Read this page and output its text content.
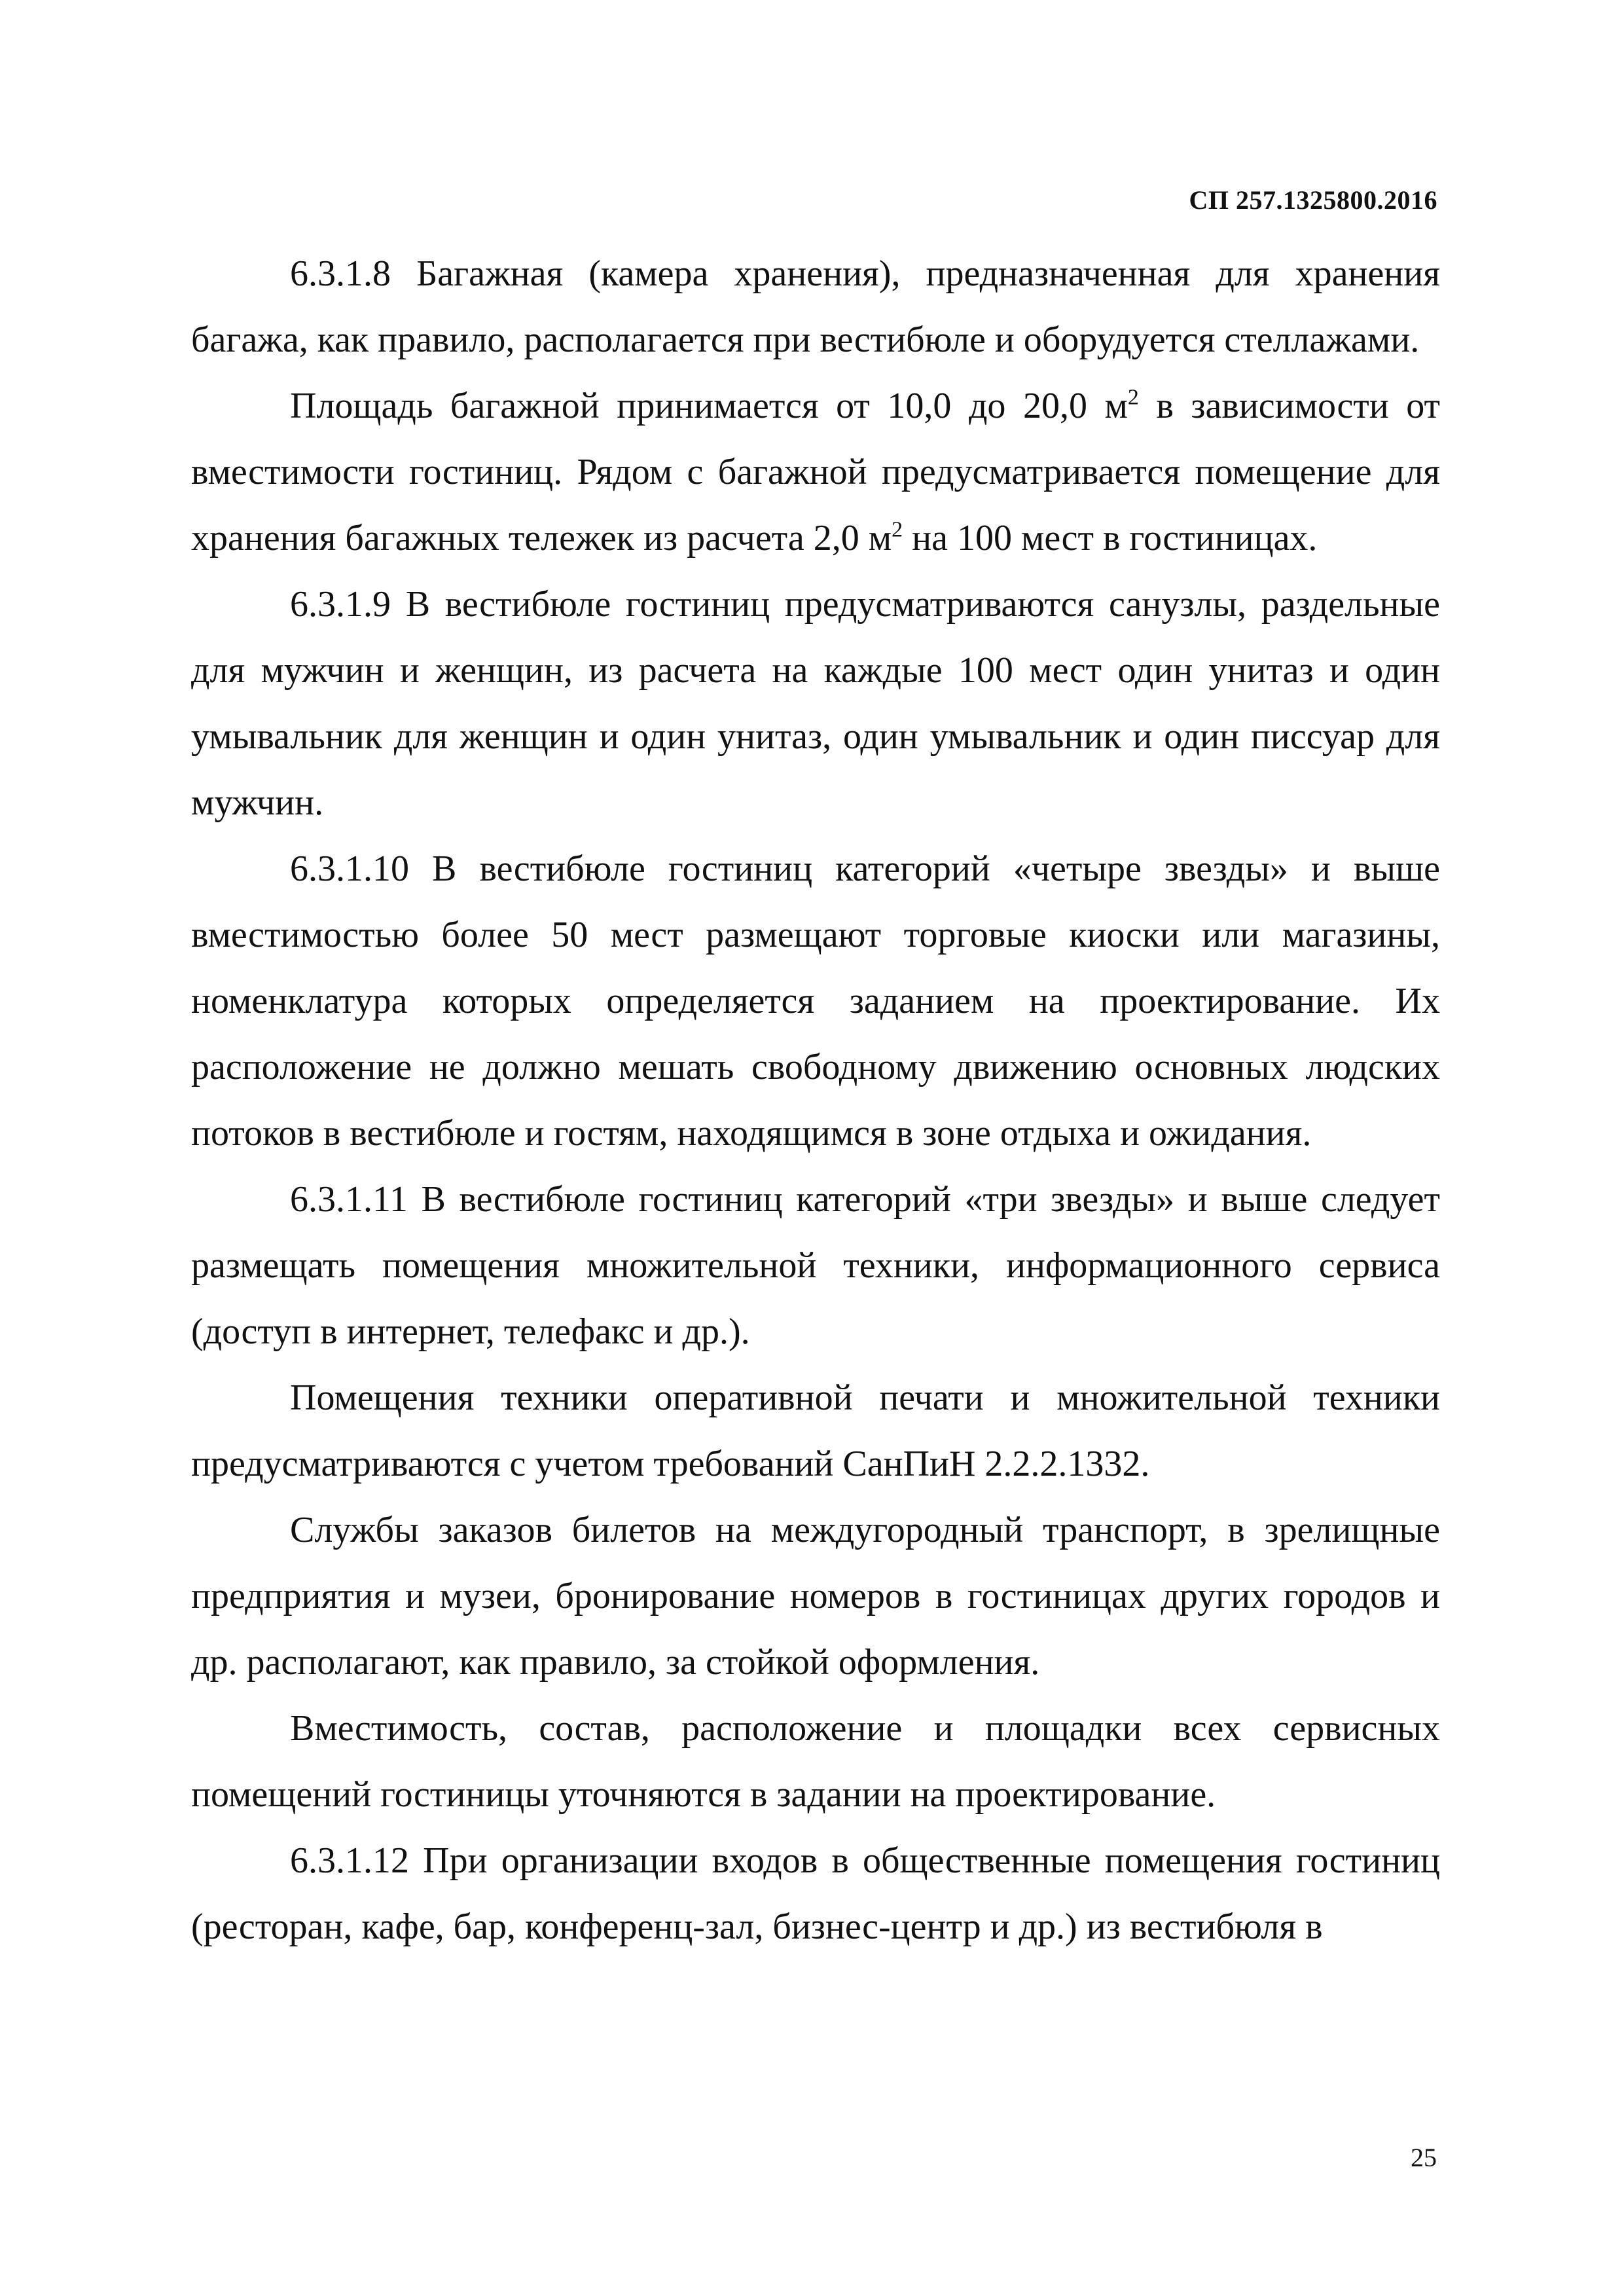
СП 257.1325800.2016

6.3.1.8 Багажная (камера хранения), предназначенная для хранения багажа, как правило, располагается при вестибюле и оборудуется стеллажами.

Площадь багажной принимается от 10,0 до 20,0 $м^2$ в зависимости от вместимости гостиниц. Рядом с багажной предусматривается помещение для хранения багажных тележек из расчета 2,0 $м^2$ на 100 мест в гостиницах.

6.3.1.9 В вестибюле гостиниц предусматриваются санузлы, раздельные для мужчин и женщин, из расчета на каждые 100 мест один унитаз и один умывальник для женщин и один унитаз, один умывальник и один писсуар для мужчин.

6.3.1.10 В вестибюле гостиниц категорий «четыре звезды» и выше вместимостью более 50 мест размещают торговые киоски или магазины, номенклатура которых определяется заданием на проектирование. Их расположение не должно мешать свободному движению основных людских потоков в вестибюле и гостям, находящимся в зоне отдыха и ожидания.

6.3.1.11 В вестибюле гостиниц категорий «три звезды» и выше следует размещать помещения множительной техники, информационного сервиса (доступ в интернет, телефакс и др.).

Помещения техники оперативной печати и множительной техники предусматриваются с учетом требований СанПиН 2.2.2.1332.

Службы заказов билетов на междугородный транспорт, в зрелищные предприятия и музеи, бронирование номеров в гостиницах других городов и др. располагают, как правило, за стойкой оформления.

Вместимость, состав, расположение и площадки всех сервисных помещений гостиницы уточняются в задании на проектирование.

6.3.1.12 При организации входов в общественные помещения гостиниц (ресторан, кафе, бар, конференц-зал, бизнес-центр и др.) из вестибюля в

25
